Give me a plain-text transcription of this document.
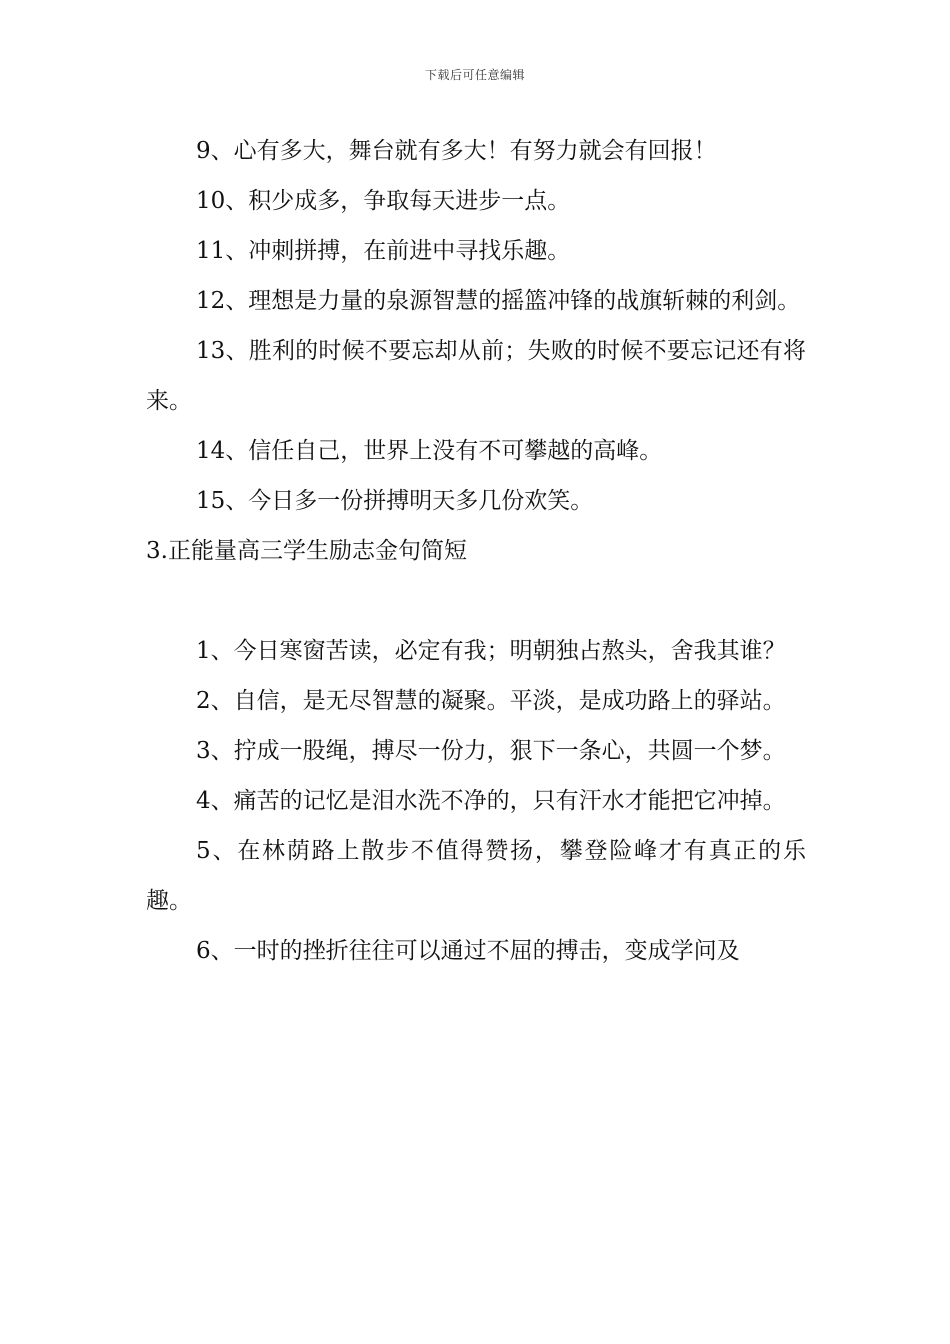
下载后可任意编辑

9、心有多大，舞台就有多大！有努力就会有回报！

10、积少成多，争取每天进步一点。

11、冲刺拼搏，在前进中寻找乐趣。

12、理想是力量的泉源智慧的摇篮冲锋的战旗斩棘的利剑。

13、胜利的时候不要忘却从前；失败的时候不要忘记还有将来。

14、信任自己，世界上没有不可攀越的高峰。

15、今日多一份拼搏明天多几份欢笑。

3.正能量高三学生励志金句简短

1、今日寒窗苦读，必定有我；明朝独占熬头，舍我其谁？

2、自信，是无尽智慧的凝聚。平淡，是成功路上的驿站。

3、拧成一股绳，搏尽一份力，狠下一条心，共圆一个梦。

4、痛苦的记忆是泪水洗不净的，只有汗水才能把它冲掉。

5、在林荫路上散步不值得赞扬，攀登险峰才有真正的乐趣。

6、一时的挫折往往可以通过不屈的搏击，变成学问及
